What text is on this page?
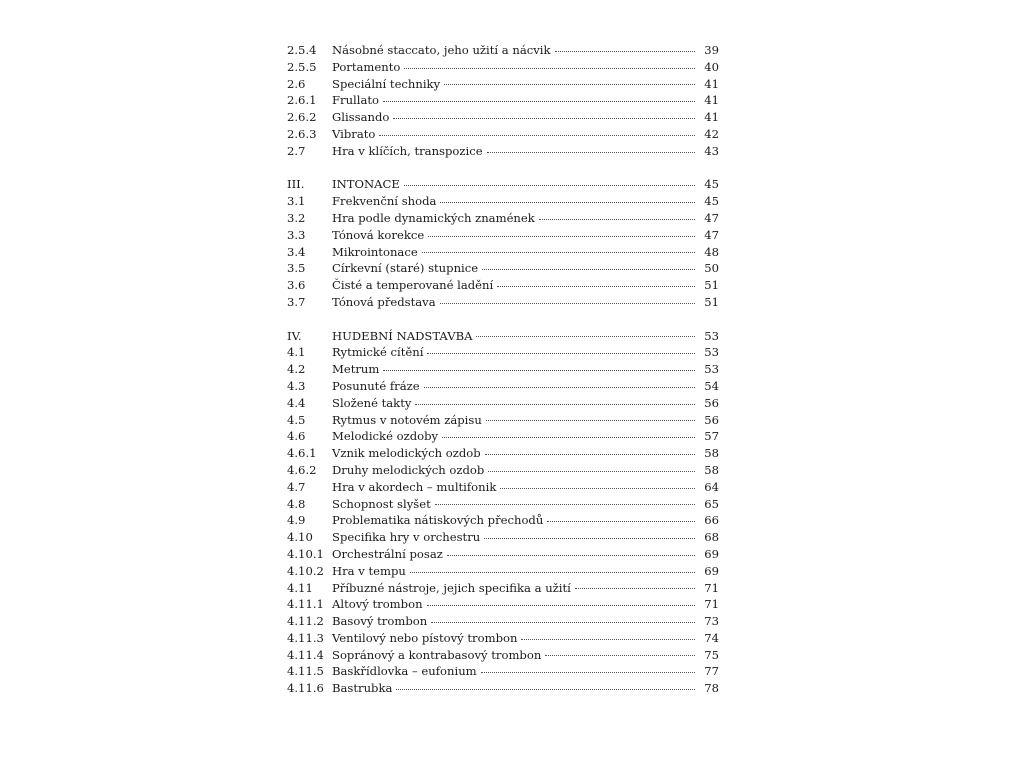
2.5.4	Násobné staccato, jeho užití a nácvik	39
2.5.5	Portamento	40
2.6	Speciální techniky	41
2.6.1	Frullato	41
2.6.2	Glissando	41
2.6.3	Vibrato	42
2.7	Hra v klíčích, transpozice	43
III.	INTONACE	45
3.1	Frekvenční shoda	45
3.2	Hra podle dynamických znamének	47
3.3	Tónová korekce	47
3.4	Mikrointonace	48
3.5	Církevní (staré) stupnice	50
3.6	Čisté a temperované ladění	51
3.7	Tónová představa	51
IV.	HUDEBNÍ NADSTAVBA	53
4.1	Rytmické cítění	53
4.2	Metrum	53
4.3	Posunuté fráze	54
4.4	Složené takty	56
4.5	Rytmus v notovém zápisu	56
4.6	Melodické ozdoby	57
4.6.1	Vznik melodických ozdob	58
4.6.2	Druhy melodických ozdob	58
4.7	Hra v akordech – multifonik	64
4.8	Schopnost slyšet	65
4.9	Problematika nátiskových přechodů	66
4.10	Specifika hry v orchestru	68
4.10.1 Orchestrální posaz	69
4.10.2 Hra v tempu	69
4.11	Příbuzné nástroje, jejich specifika a užití	71
4.11.1 Altový trombon	71
4.11.2 Basový trombon	73
4.11.3 Ventilový nebo pístový trombon	74
4.11.4 Sopránový a kontrabasový trombon	75
4.11.5 Baskřídlovka – eufonium	77
4.11.6 Bastrubka	78
